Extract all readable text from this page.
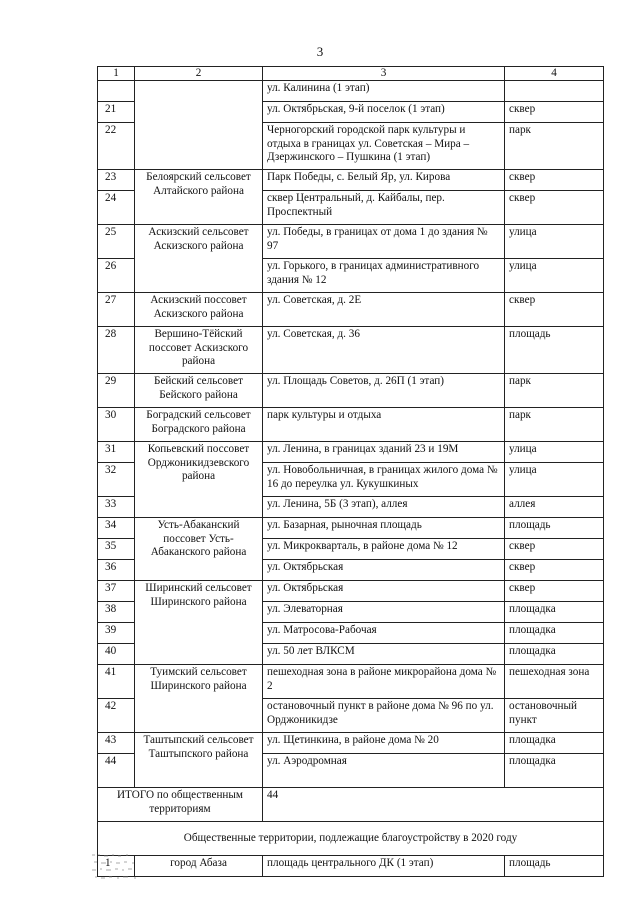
3
1	2	3	4
		ул. Калинина (1 этап)	
21		ул. Октябрьская, 9-й поселок (1 этап)	сквер
22		Черногорский городской парк культуры и отдыха в границах ул. Советская – Мира – Дзержинского – Пушкина (1 этап)	парк
23	Белоярский сельсовет Алтайского района	Парк Победы, с. Белый Яр, ул. Кирова	сквер
24		сквер Центральный, д. Кайбалы, пер. Проспектный	сквер
25	Аскизский сельсовет Аскизского района	ул. Победы, в границах от дома 1 до здания № 97	улица
26		ул. Горького, в границах административного здания № 12	улица
27	Аскизский поссовет Аскизского района	ул. Советская, д. 2Е	сквер
28	Вершино-Тёйский поссовет Аскизского района	ул. Советская, д. 36	площадь
29	Бейский сельсовет Бейского района	ул. Площадь Советов, д. 26П (1 этап)	парк
30	Боградский сельсовет Боградского района	парк культуры и отдыха	парк
31	Копьевский поссовет Орджоникидзевского района	ул. Ленина, в границах зданий 23 и 19М	улица
32		ул. Новобольничная, в границах жилого дома № 16 до переулка ул. Кукушкиных	улица
33		ул. Ленина, 5Б (3 этап), аллея	аллея
34	Усть-Абаканский поссовет Усть-Абаканского района	ул. Базарная, рыночная площадь	площадь
35		ул. Микрокварталь, в районе дома № 12	сквер
36		ул. Октябрьская	сквер
37	Ширинский сельсовет Ширинского района	ул. Октябрьская	сквер
38		ул. Элеваторная	площадка
39		ул. Матросова-Рабочая	площадка
40		ул. 50 лет ВЛКСМ	площадка
41	Туимский сельсовет Ширинского района	пешеходная зона в районе микрорайона дома № 2	пешеходная зона
42		остановочный пункт в районе дома № 96 по ул. Орджоникидзе	остановочный пункт
43	Таштыпский сельсовет Таштыпского района	ул. Щетинкина, в районе дома № 20	площадка
44		ул. Аэродромная	площадка
ИТОГО по общественным территориям		44	
Общественные территории, подлежащие благоустройству в 2020 году			
1	город Абаза	площадь центрального ДК (1 этап)	площадь
